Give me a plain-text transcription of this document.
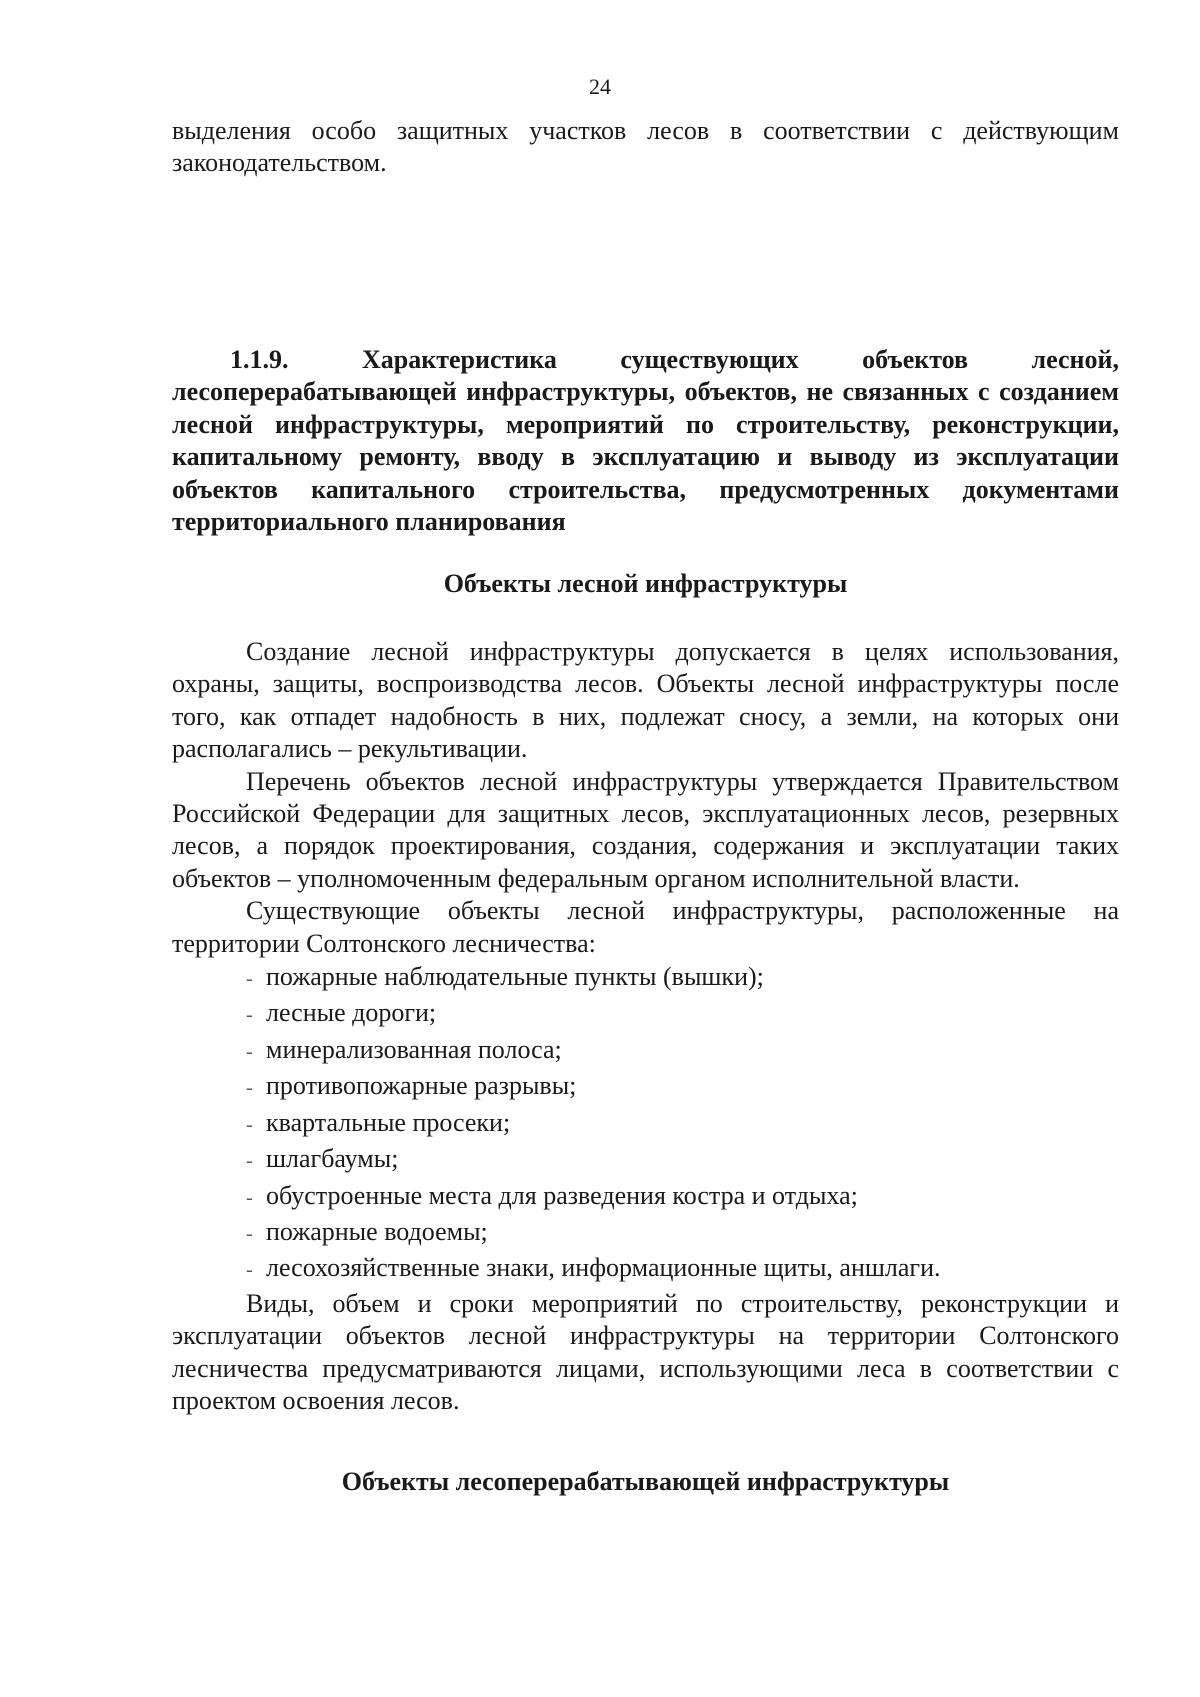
24
выделения особо защитных участков лесов в соответствии с действующим законодательством.
1.1.9.	Характеристика существующих объектов лесной, лесоперерабатывающей инфраструктуры, объектов, не связанных с созданием лесной инфраструктуры, мероприятий по строительству, реконструкции, капитальному ремонту, вводу в эксплуатацию и выводу из эксплуатации объектов капитального строительства, предусмотренных документами территориального планирования
Объекты лесной инфраструктуры

Создание лесной инфраструктуры допускается в целях использования, охраны, защиты, воспроизводства лесов. Объекты лесной инфраструктуры после того, как отпадет надобность в них, подлежат сносу, а земли, на которых они располагались – рекультивации.

Перечень объектов лесной инфраструктуры утверждается Правительством Российской Федерации для защитных лесов, эксплуатационных лесов, резервных лесов, а порядок проектирования, создания, содержания и эксплуатации таких объектов – уполномоченным федеральным органом исполнительной власти.

Существующие объекты лесной инфраструктуры, расположенные на территории Солтонского лесничества:

- пожарные наблюдательные пункты (вышки);
- лесные дороги;
- минерализованная полоса;
- противопожарные разрывы;
- квартальные просеки;
- шлагбаумы;
- обустроенные места для разведения костра и отдыха;
- пожарные водоемы;
- лесохозяйственные знаки, информационные щиты, аншлаги.

Виды, объем и сроки мероприятий по строительству, реконструкции и эксплуатации объектов лесной инфраструктуры на территории Солтонского лесничества предусматриваются лицами, использующими леса в соответствии с проектом освоения лесов.

Объекты лесоперерабатывающей инфраструктуры
